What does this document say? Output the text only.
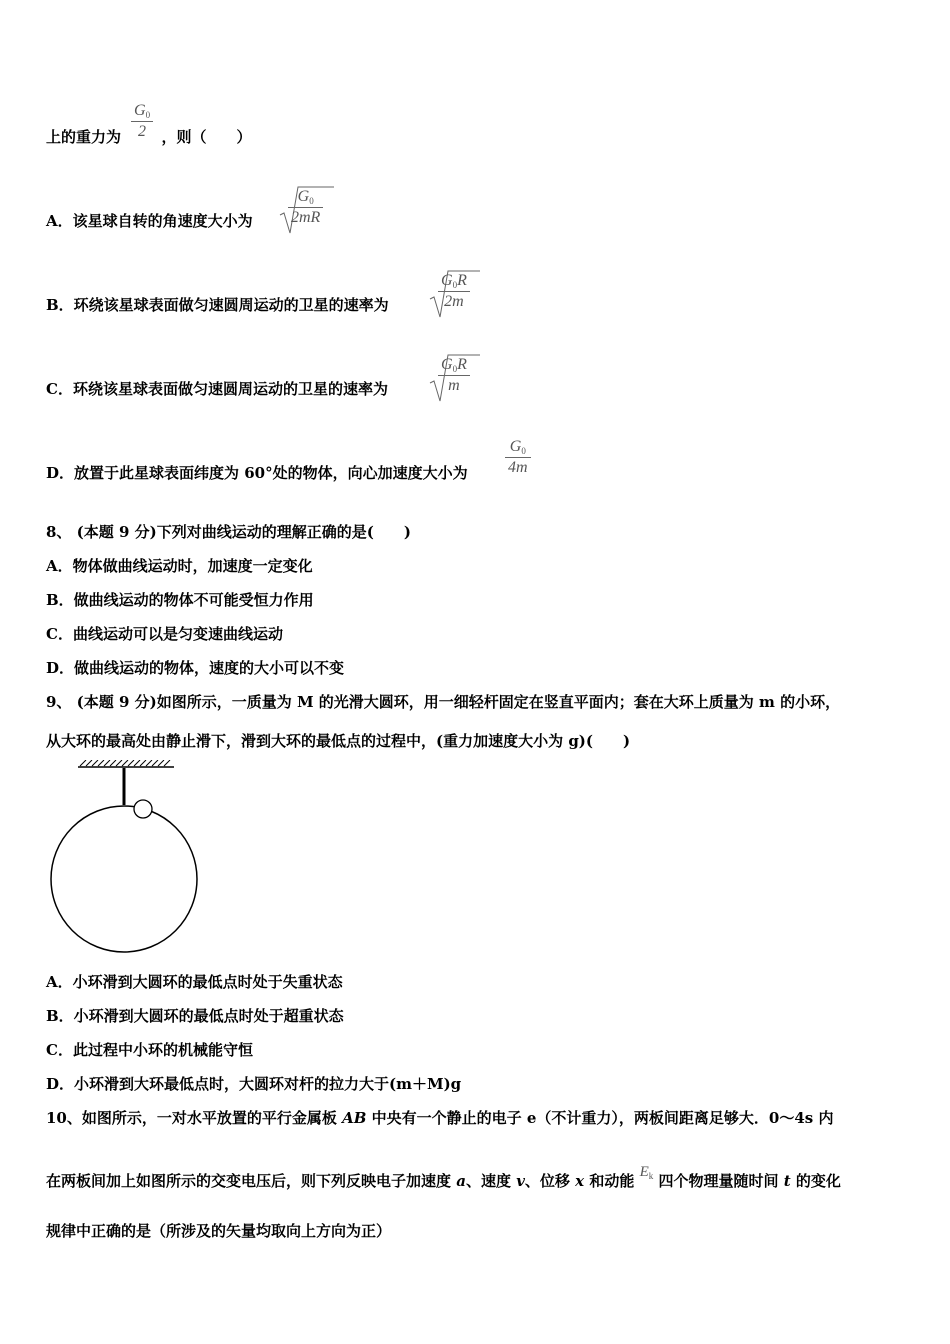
上的重力为	，则（　　）
$G_0$
2
A．该星球自转的角速度大小为
$G_0$
2mR
B．环绕该星球表面做匀速圆周运动的卫星的速率为
$G_0R$
2m
C．环绕该星球表面做匀速圆周运动的卫星的速率为
$G_0R$
m
D．放置于此星球表面纬度为 60°处的物体，向心加速度大小为
$G_0$
4m
8、 (本题 9 分)下列对曲线运动的理解正确的是(　　)
A．物体做曲线运动时，加速度一定变化
B．做曲线运动的物体不可能受恒力作用
C．曲线运动可以是匀变速曲线运动
D．做曲线运动的物体，速度的大小可以不变
9、 (本题 9 分)如图所示，一质量为 M 的光滑大圆环，用一细轻杆固定在竖直平面内；套在大环上质量为 m 的小环，
从大环的最高处由静止滑下，滑到大环的最低点的过程中，(重力加速度大小为 g)(　　)
A．小环滑到大圆环的最低点时处于失重状态
B．小环滑到大圆环的最低点时处于超重状态
C．此过程中小环的机械能守恒
D．小环滑到大环最低点时，大圆环对杆的拉力大于(m＋M)g
10、如图所示，一对水平放置的平行金属板 AB 中央有一个静止的电子 e（不计重力），两板间距离足够大．0～4s 内
在两板间加上如图所示的交变电压后，则下列反映电子加速度 a、速度 v、位移 x 和动能 $E_k$ 四个物理量随时间 t 的变化
规律中正确的是（所涉及的矢量均取向上方向为正）
